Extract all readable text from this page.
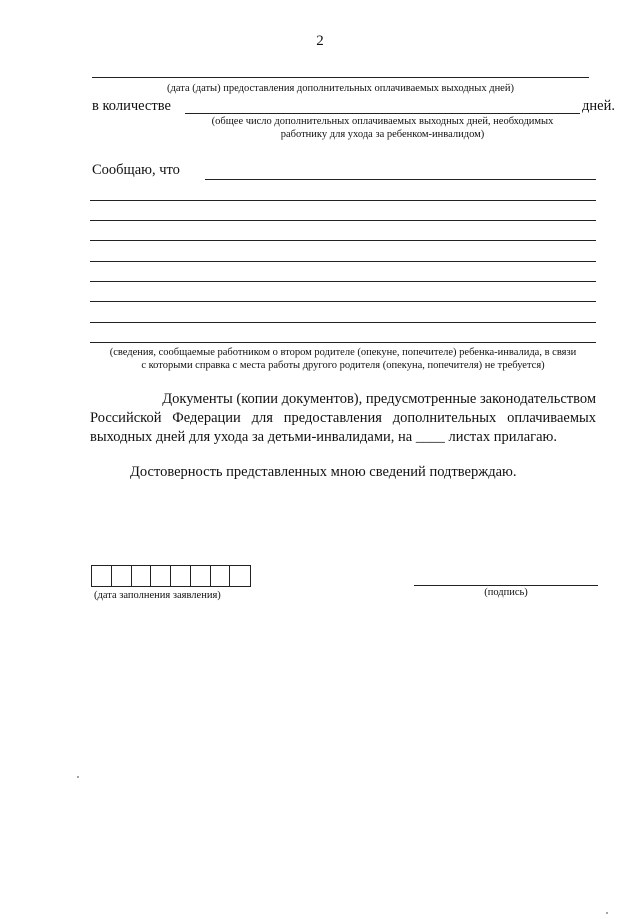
2
(дата (даты) предоставления дополнительных оплачиваемых выходных дней)
в количестве	дней.
(общее число дополнительных оплачиваемых выходных дней, необходимых
работнику для ухода за ребенком-инвалидом)
Сообщаю, что
(сведения, сообщаемые работником о втором родителе (опекуне, попечителе) ребенка-инвалида, в связи
с которыми справка с места работы другого родителя (опекуна, попечителя) не требуется)
Документы (копии документов), предусмотренные законодательством
Российской Федерации для предоставления дополнительных оплачиваемых
выходных дней для ухода за детьми-инвалидами, на ____ листах прилагаю.
Достоверность представленных мною сведений подтверждаю.
(дата заполнения заявления)	(подпись)
